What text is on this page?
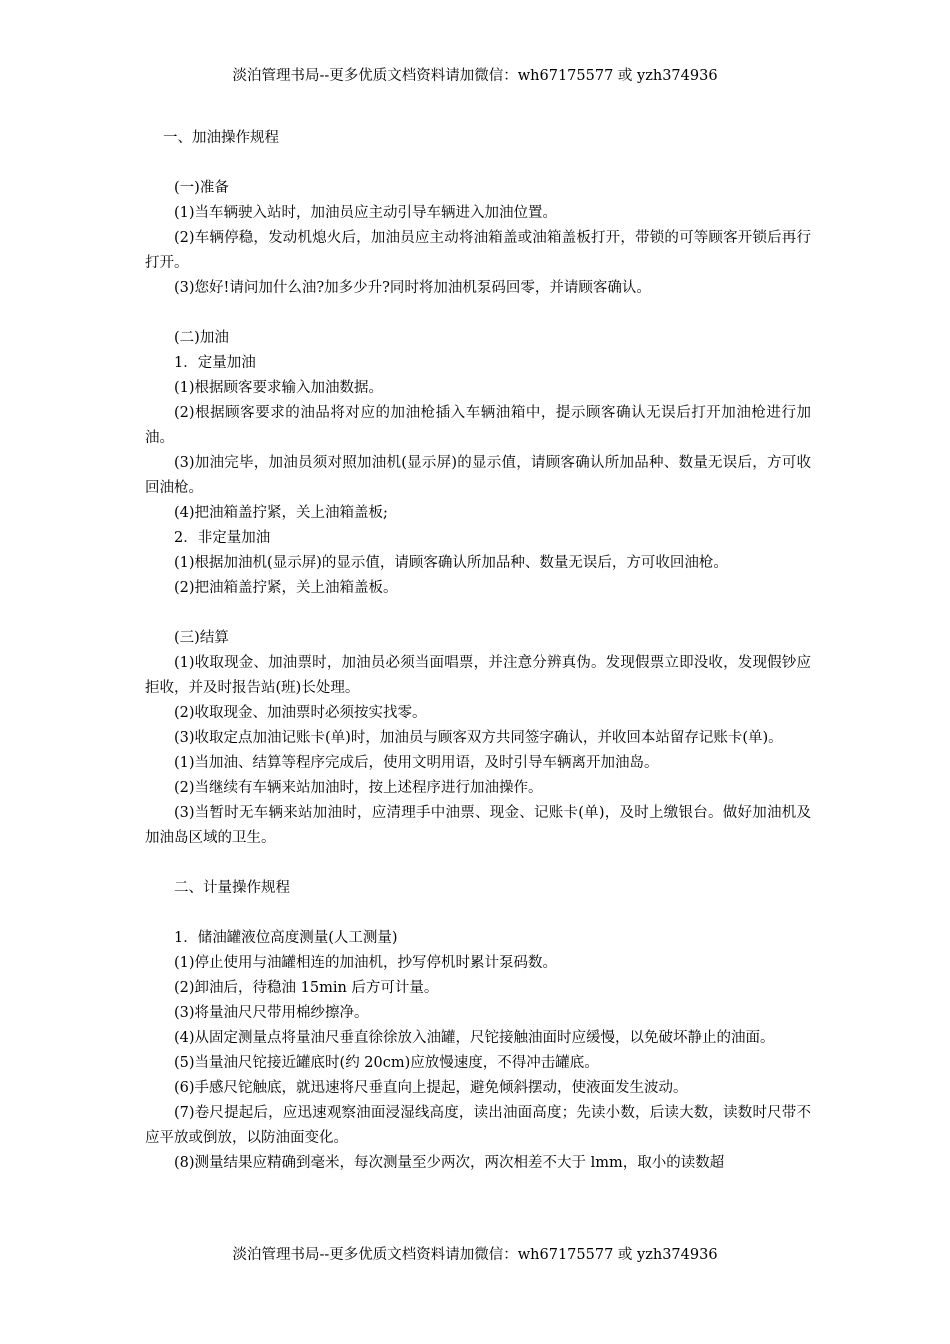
淡泊管理书局--更多优质文档资料请加微信：wh67175577 或 yzh374936

一、加油操作规程

(一)准备

(1)当车辆驶入站时，加油员应主动引导车辆进入加油位置。

(2)车辆停稳，发动机熄火后，加油员应主动将油箱盖或油箱盖板打开，带锁的可等顾客开锁后再行打开。

(3)您好!请问加什么油?加多少升?同时将加油机泵码回零，并请顾客确认。

(二)加油

1．定量加油

(1)根据顾客要求输入加油数据。

(2)根据顾客要求的油品将对应的加油枪插入车辆油箱中，提示顾客确认无误后打开加油枪进行加油。

(3)加油完毕，加油员须对照加油机(显示屏)的显示值，请顾客确认所加品种、数量无误后，方可收回油枪。

(4)把油箱盖拧紧，关上油箱盖板;

2．非定量加油

(1)根据加油机(显示屏)的显示值，请顾客确认所加品种、数量无误后，方可收回油枪。

(2)把油箱盖拧紧，关上油箱盖板。

(三)结算

(1)收取现金、加油票时，加油员必须当面唱票，并注意分辨真伪。发现假票立即没收，发现假钞应拒收，并及时报告站(班)长处理。

(2)收取现金、加油票时必须按实找零。

(3)收取定点加油记账卡(单)时，加油员与顾客双方共同签字确认，并收回本站留存记账卡(单)。

(1)当加油、结算等程序完成后，使用文明用语，及时引导车辆离开加油岛。

(2)当继续有车辆来站加油时，按上述程序进行加油操作。

(3)当暂时无车辆来站加油时，应清理手中油票、现金、记账卡(单)，及时上缴银台。做好加油机及加油岛区域的卫生。

二、计量操作规程

1．储油罐液位高度测量(人工测量)

(1)停止使用与油罐相连的加油机，抄写停机时累计泵码数。

(2)卸油后，待稳油 15min 后方可计量。

(3)将量油尺尺带用棉纱擦净。

(4)从固定测量点将量油尺垂直徐徐放入油罐，尺铊接触油面时应缓慢，以免破坏静止的油面。

(5)当量油尺铊接近罐底时(约 20cm)应放慢速度，不得冲击罐底。

(6)手感尺铊触底，就迅速将尺垂直向上提起，避免倾斜摆动，使液面发生波动。

(7)卷尺提起后，应迅速观察油面浸湿线高度，读出油面高度；先读小数，后读大数，读数时尺带不应平放或倒放，以防油面变化。

(8)测量结果应精确到毫米，每次测量至少两次，两次相差不大于 lmm，取小的读数超

淡泊管理书局--更多优质文档资料请加微信：wh67175577 或 yzh374936
